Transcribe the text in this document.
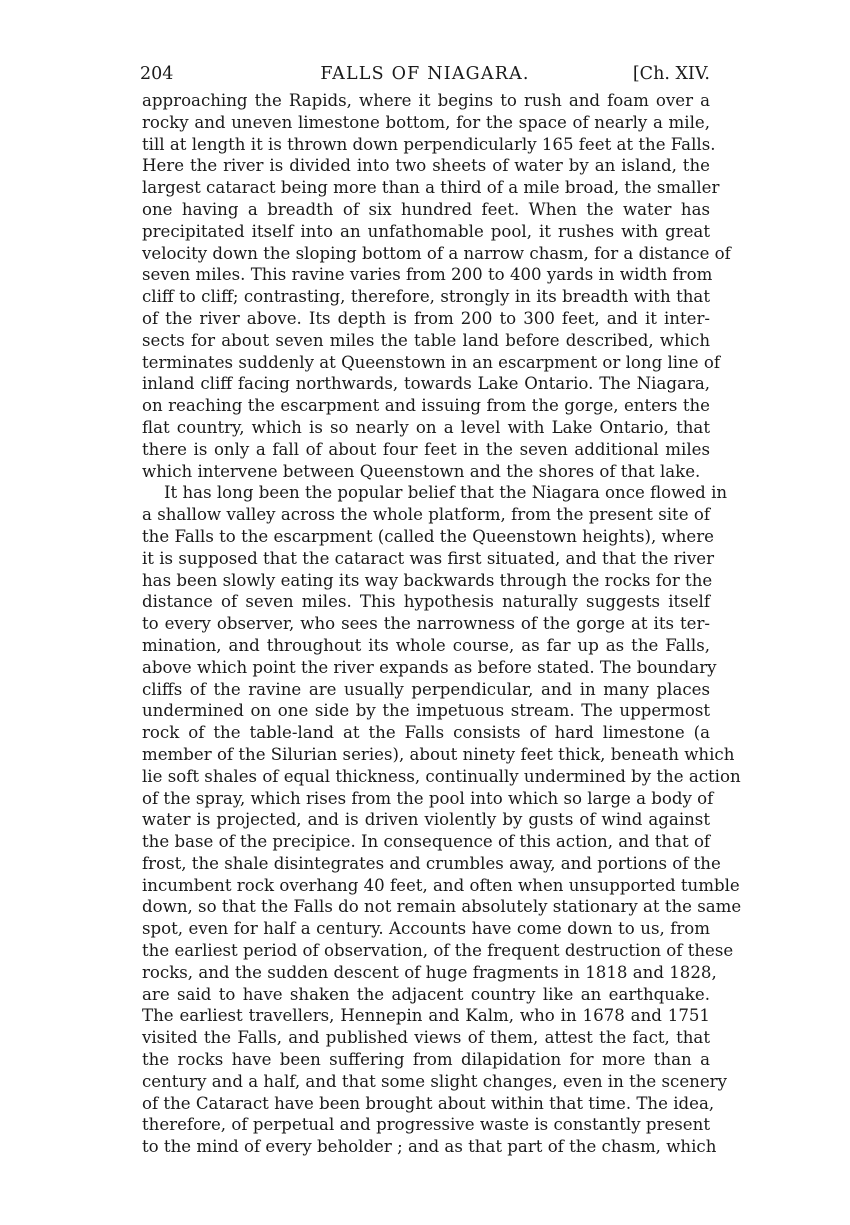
204	FALLS OF NIAGARA.	[Ch. XIV.
approaching the Rapids, where it begins to rush and foam over a
rocky and uneven limestone bottom, for the space of nearly a mile,
till at length it is thrown down perpendicularly 165 feet at the Falls.
Here the river is divided into two sheets of water by an island, the
largest cataract being more than a third of a mile broad, the smaller
one having a breadth of six hundred feet. When the water has
precipitated itself into an unfathomable pool, it rushes with great
velocity down the sloping bottom of a narrow chasm, for a distance of
seven miles. This ravine varies from 200 to 400 yards in width from
cliff to cliff; contrasting, therefore, strongly in its breadth with that
of the river above. Its depth is from 200 to 300 feet, and it inter-
sects for about seven miles the table land before described, which
terminates suddenly at Queenstown in an escarpment or long line of
inland cliff facing northwards, towards Lake Ontario. The Niagara,
on reaching the escarpment and issuing from the gorge, enters the
flat country, which is so nearly on a level with Lake Ontario, that
there is only a fall of about four feet in the seven additional miles
which intervene between Queenstown and the shores of that lake.
It has long been the popular belief that the Niagara once flowed in
a shallow valley across the whole platform, from the present site of
the Falls to the escarpment (called the Queenstown heights), where
it is supposed that the cataract was first situated, and that the river
has been slowly eating its way backwards through the rocks for the
distance of seven miles. This hypothesis naturally suggests itself
to every observer, who sees the narrowness of the gorge at its ter-
mination, and throughout its whole course, as far up as the Falls,
above which point the river expands as before stated. The boundary
cliffs of the ravine are usually perpendicular, and in many places
undermined on one side by the impetuous stream. The uppermost
rock of the table-land at the Falls consists of hard limestone (a
member of the Silurian series), about ninety feet thick, beneath which
lie soft shales of equal thickness, continually undermined by the action
of the spray, which rises from the pool into which so large a body of
water is projected, and is driven violently by gusts of wind against
the base of the precipice. In consequence of this action, and that of
frost, the shale disintegrates and crumbles away, and portions of the
incumbent rock overhang 40 feet, and often when unsupported tumble
down, so that the Falls do not remain absolutely stationary at the same
spot, even for half a century. Accounts have come down to us, from
the earliest period of observation, of the frequent destruction of these
rocks, and the sudden descent of huge fragments in 1818 and 1828,
are said to have shaken the adjacent country like an earthquake.
The earliest travellers, Hennepin and Kalm, who in 1678 and 1751
visited the Falls, and published views of them, attest the fact, that
the rocks have been suffering from dilapidation for more than a
century and a half, and that some slight changes, even in the scenery
of the Cataract have been brought about within that time. The idea,
therefore, of perpetual and progressive waste is constantly present
to the mind of every beholder ; and as that part of the chasm, which
